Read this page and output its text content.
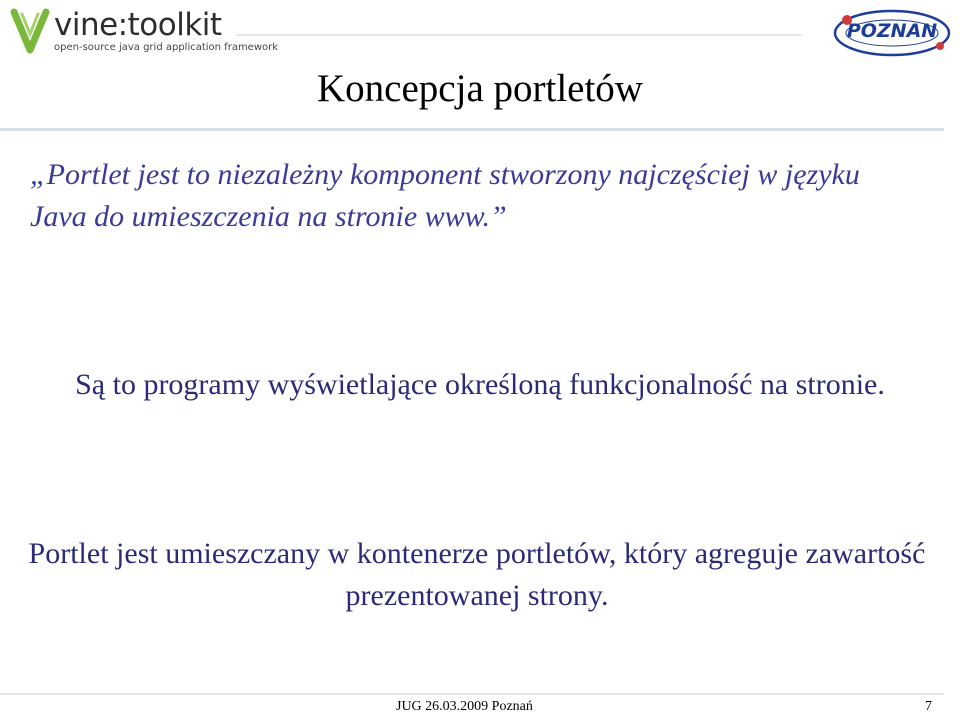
vine:toolkit
open-source java grid application framework
POZNAN
Koncepcja portletów
„Portlet jest to niezależny komponent stworzony najczęściej w języku Java do umieszczenia na stronie www.”
Są to programy wyświetlające określoną funkcjonalność na stronie.
Portlet jest umieszczany w kontenerze portletów, który agreguje zawartość prezentowanej strony.
JUG 26.03.2009 Poznań	7
